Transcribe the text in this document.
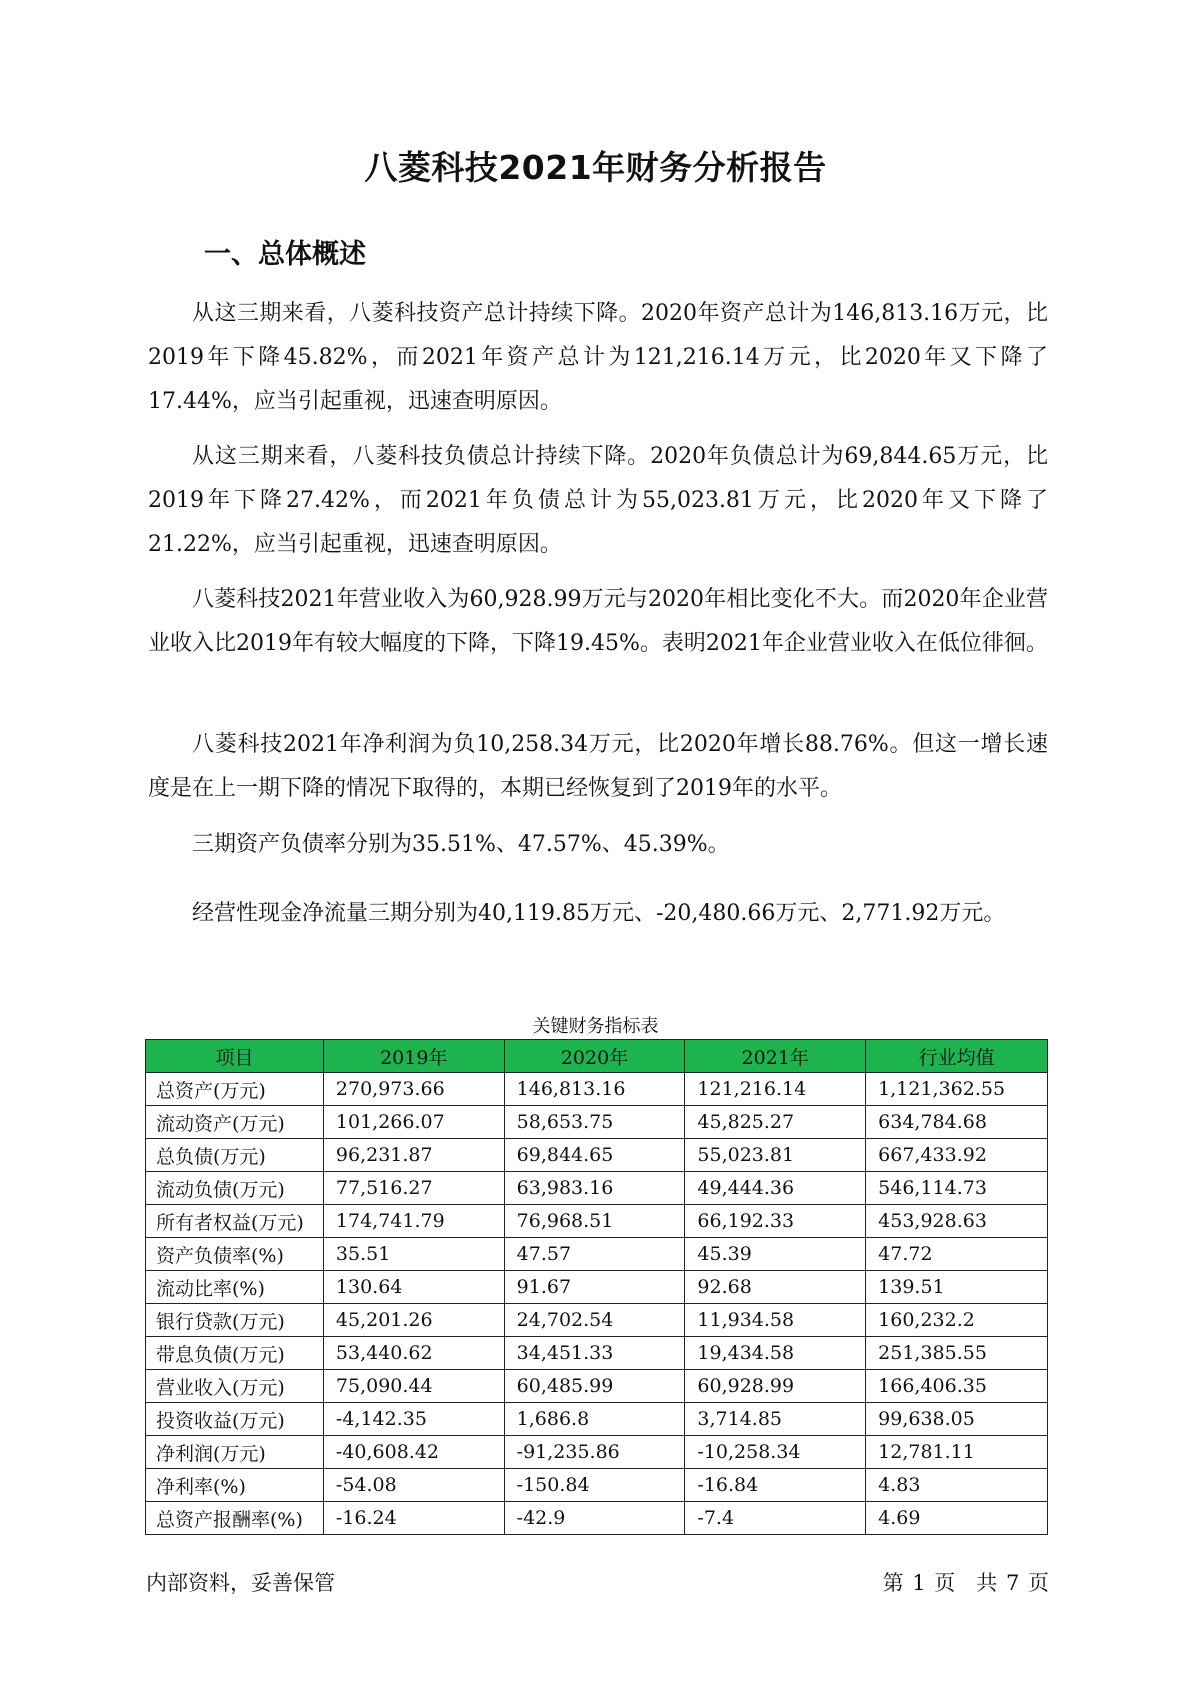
八菱科技2021年财务分析报告
一、总体概述

从这三期来看，八菱科技资产总计持续下降。2020年资产总计为146,813.16万元，比2019年下降45.82%，而2021年资产总计为121,216.14万元，比2020年又下降了17.44%，应当引起重视，迅速查明原因。

从这三期来看，八菱科技负债总计持续下降。2020年负债总计为69,844.65万元，比2019年下降27.42%，而2021年负债总计为55,023.81万元，比2020年又下降了21.22%，应当引起重视，迅速查明原因。

八菱科技2021年营业收入为60,928.99万元与2020年相比变化不大。而2020年企业营业收入比2019年有较大幅度的下降，下降19.45%。表明2021年企业营业收入在低位徘徊。

八菱科技2021年净利润为负10,258.34万元，比2020年增长88.76%。但这一增长速度是在上一期下降的情况下取得的，本期已经恢复到了2019年的水平。

三期资产负债率分别为35.51%、47.57%、45.39%。

经营性现金净流量三期分别为40,119.85万元、-20,480.66万元、2,771.92万元。

关键财务指标表
项目	2019年	2020年	2021年	行业均值
总资产(万元)	270,973.66	146,813.16	121,216.14	1,121,362.55
流动资产(万元)	101,266.07	58,653.75	45,825.27	634,784.68
总负债(万元)	96,231.87	69,844.65	55,023.81	667,433.92
流动负债(万元)	77,516.27	63,983.16	49,444.36	546,114.73
所有者权益(万元)	174,741.79	76,968.51	66,192.33	453,928.63
资产负债率(%)	35.51	47.57	45.39	47.72
流动比率(%)	130.64	91.67	92.68	139.51
银行贷款(万元)	45,201.26	24,702.54	11,934.58	160,232.2
带息负债(万元)	53,440.62	34,451.33	19,434.58	251,385.55
营业收入(万元)	75,090.44	60,485.99	60,928.99	166,406.35
投资收益(万元)	-4,142.35	1,686.8	3,714.85	99,638.05
净利润(万元)	-40,608.42	-91,235.86	-10,258.34	12,781.11
净利率(%)	-54.08	-150.84	-16.84	4.83
总资产报酬率(%)	-16.24	-42.9	-7.4	4.69
内部资料，妥善保管	第 1 页　共 7 页
